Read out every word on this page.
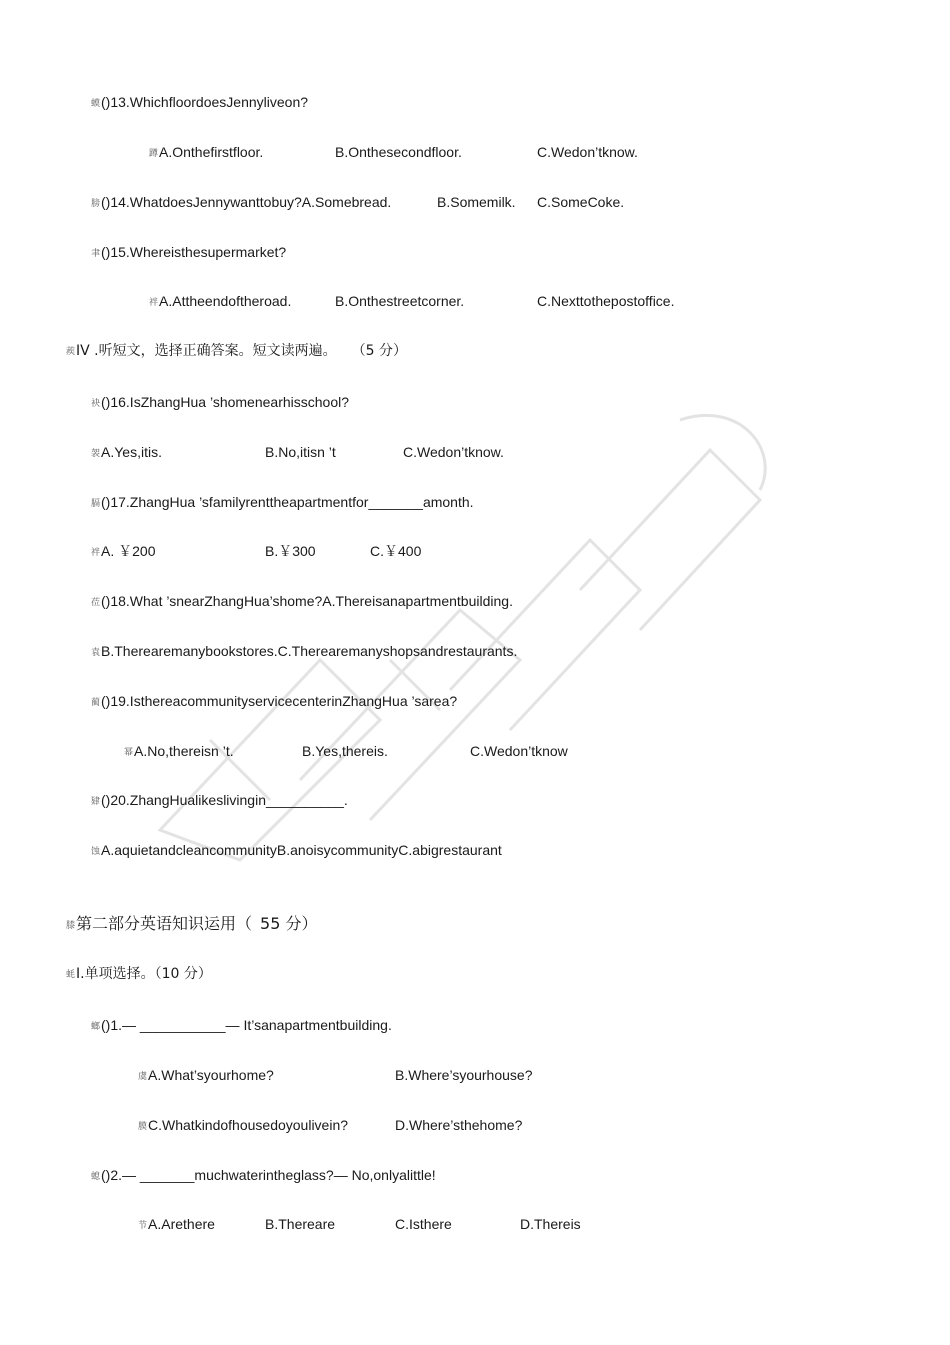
蟆()13.WhichfloordoesJennyliveon?
蹲A.Onthefirstfloor.	B.Onthesecondfloor.	C.Wedon’tknow.
膀()14.WhatdoesJennywanttobuy?A.Somebread.	B.Somemilk. C.SomeCoke.
聿()15.Whereisthesupermarket?
袢A.Attheendoftheroad.	B.Onthestreetcorner.	C.Nexttothepostoffice.
蒺IV .听短文，选择正确答案。短文读两遍。 （5 分）
袂()16.IsZhangHua ’shomenearhisschool?
袈A.Yes,itis.	B.No,itisn ’t	C.Wedon’tknow.
膈()17.ZhangHua ’sfamilyrenttheapartmentfor_______amonth.
袢A. ￥200	B.￥300	C.￥400
莅()18.What ’snearZhangHua’shome?A.Thereisanapartmentbuilding.
袁B.Therearemanybookstores.C.Therearemanyshopsandrestaurants.
蔺()19.IsthereacommunityservicecenterinZhangHua ’sarea?
幂A.No,thereisn ’t.	B.Yes,thereis.	C.Wedon’tknow
肄()20.ZhangHualikeslivingin__________.
蚀A.aquietandcleancommunityB.anoisycommunityC.abigrestaurant
膝第二部分英语知识运用（ 55 分）
蚝Ⅰ.单项选择。（10 分）
螂()1.— ___________— It’sanapartmentbuilding.
虞A.What’syourhome?	B.Where’syourhouse?
膜C.Whatkindofhousedoyoulivein?	D.Where’sthehome?
螅()2.— _______muchwaterintheglass?— No,onlyalittle!
节A.Arethere	B.Thereare	C.Isthere	D.Thereis
